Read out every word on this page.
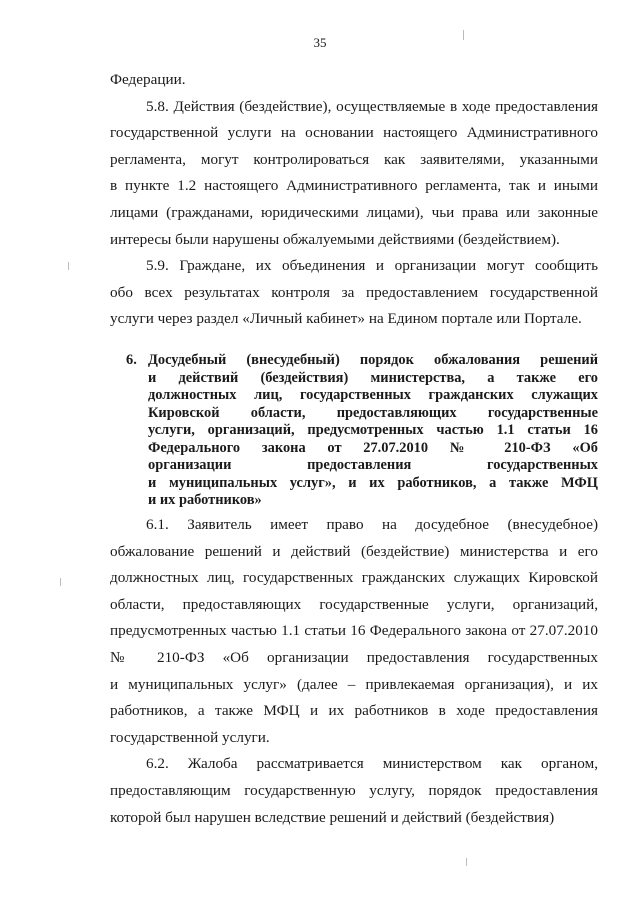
35
Федерации.
5.8. Действия (бездействие), осуществляемые в ходе предоставления
государственной услуги на основании настоящего Административного
регламента, могут контролироваться как заявителями, указанными
в пункте 1.2 настоящего Административного регламента, так и иными
лицами (гражданами, юридическими лицами), чьи права или законные
интересы были нарушены обжалуемыми действиями (бездействием).
5.9. Граждане, их объединения и организации могут сообщить
обо всех результатах контроля за предоставлением государственной
услуги через раздел «Личный кабинет» на Едином портале или Портале.
6. Досудебный (внесудебный) порядок обжалования решений
и действий (бездействия) министерства, а также его
должностных лиц, государственных гражданских служащих
Кировской области, предоставляющих государственные
услуги, организаций, предусмотренных частью 1.1 статьи 16
Федерального закона от 27.07.2010 № 210-ФЗ «Об
организации предоставления государственных
и муниципальных услуг», и их работников, а также МФЦ
и их работников»
6.1. Заявитель имеет право на досудебное (внесудебное)
обжалование решений и действий (бездействие) министерства и его
должностных лиц, государственных гражданских служащих Кировской
области, предоставляющих государственные услуги, организаций,
предусмотренных частью 1.1 статьи 16 Федерального закона от 27.07.2010
№ 210-ФЗ «Об организации предоставления государственных
и муниципальных услуг» (далее – привлекаемая организация), и их
работников, а также МФЦ и их работников в ходе предоставления
государственной услуги.
6.2. Жалоба рассматривается министерством как органом,
предоставляющим государственную услугу, порядок предоставления
которой был нарушен вследствие решений и действий (бездействия)
